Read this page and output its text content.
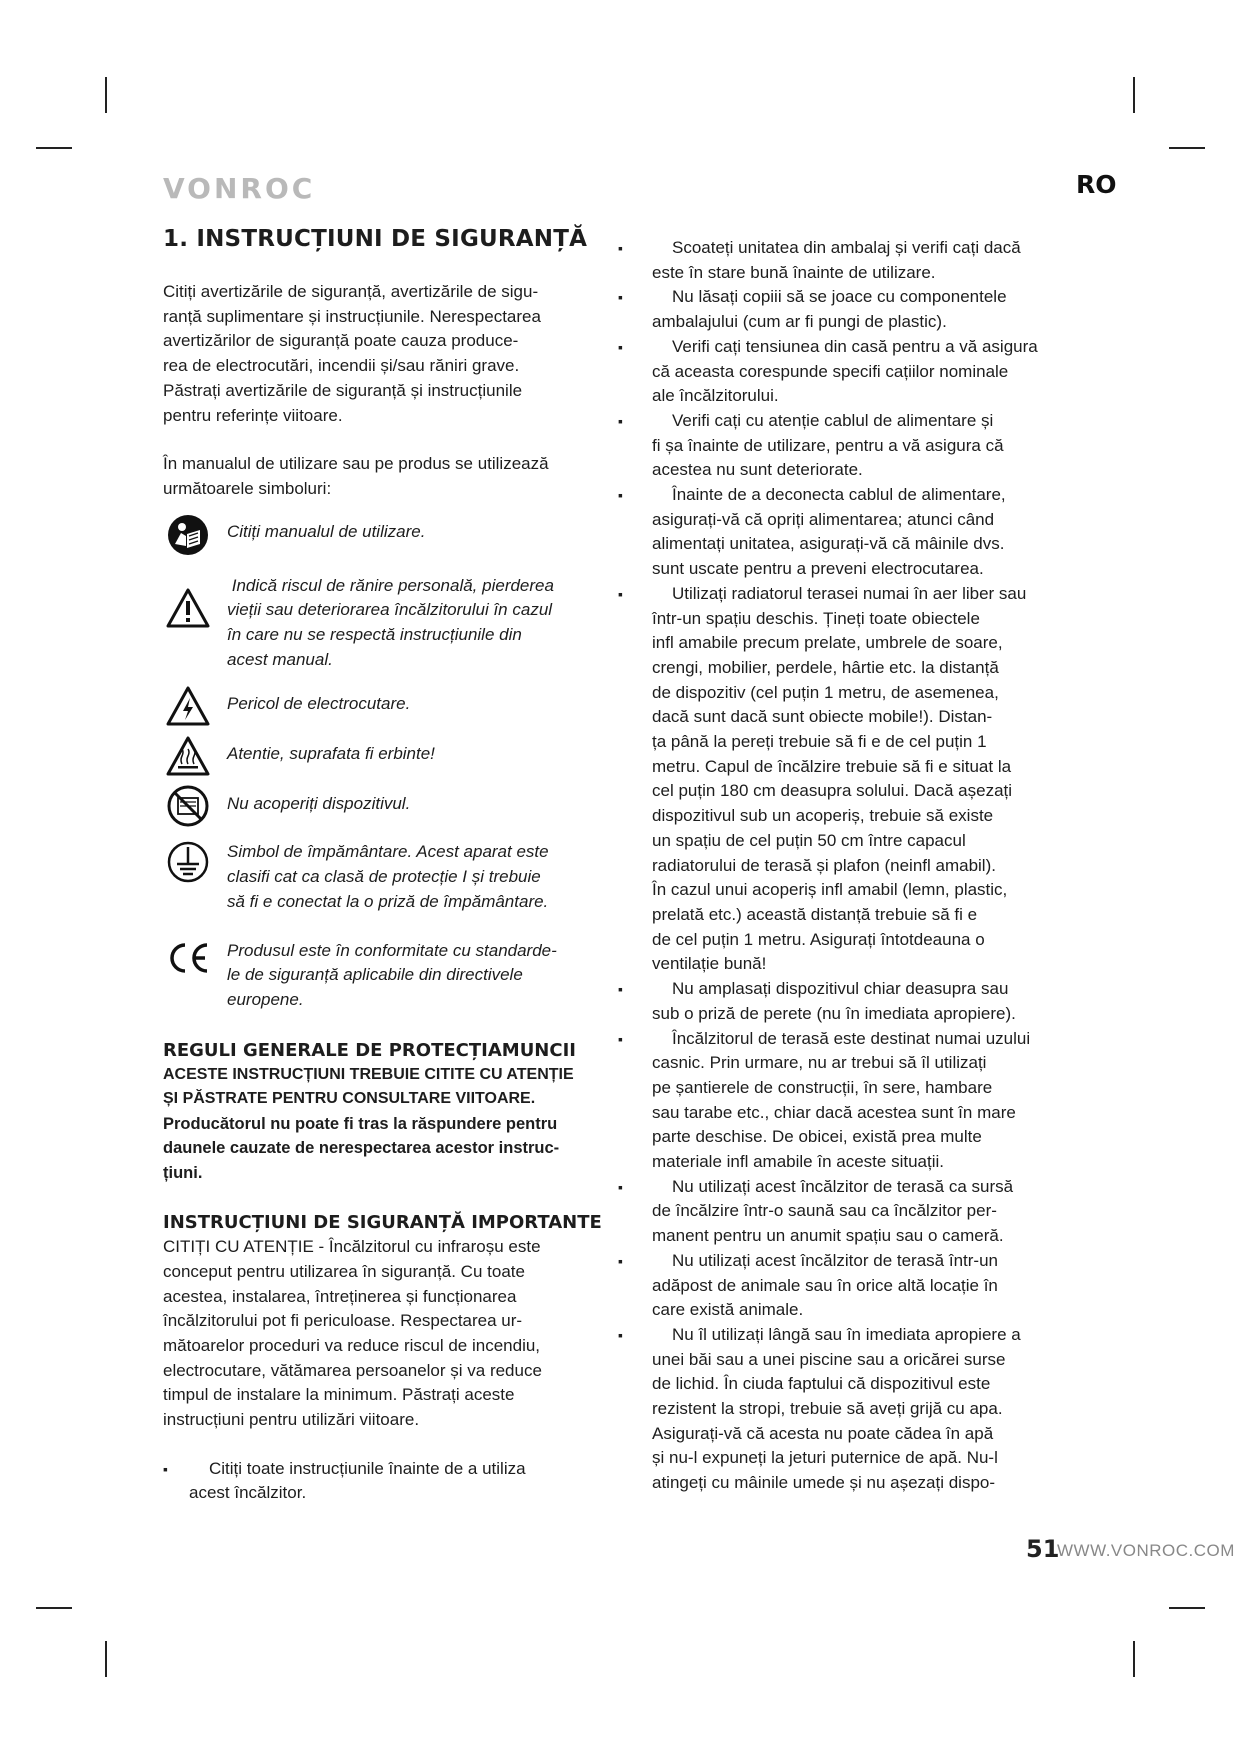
VONROC	RO
1. INSTRUCȚIUNI DE SIGURANȚĂ

Citiți avertizările de siguranță, avertizările de sigu-

ranță suplimentare și instrucțiunile. Nerespectarea

avertizărilor de siguranță poate cauza produce-

rea de electrocutări, incendii și/sau răniri grave.

Păstrați avertizările de siguranță și instrucțiunile

pentru referințe viitoare.

În manualul de utilizare sau pe produs se utilizează

următoarele simboluri:

Citiți manualul de utilizare.
Indică riscul de rănire personală, pierderea
vieții sau deteriorarea încălzitorului în cazul
în care nu se respectă instrucțiunile din
acest manual.
Pericol de electrocutare.
Atentie, suprafata fi erbinte!
Nu acoperiți dispozitivul.
Simbol de împământare. Acest aparat este
clasifi cat ca clasă de protecție I și trebuie
să fi e conectat la o priză de împământare.
Produsul este în conformitate cu standarde-
le de siguranță aplicabile din directivele
europene.
REGULI GENERALE DE PROTECȚIAMUNCII
ACESTE INSTRUCȚIUNI TREBUIE CITITE CU ATENȚIE
ȘI PĂSTRATE PENTRU CONSULTARE VIITOARE.
Producătorul nu poate fi tras la răspundere pentru
daunele cauzate de nerespectarea acestor instruc-
țiuni.
INSTRUCȚIUNI DE SIGURANȚĂ IMPORTANTE

CITIȚI CU ATENȚIE - Încălzitorul cu infraroșu este

conceput pentru utilizarea în siguranță. Cu toate

acestea, instalarea, întreținerea și funcționarea

încălzitorului pot fi periculoase. Respectarea ur-

mătoarelor proceduri va reduce riscul de incendiu,

electrocutare, vătămarea persoanelor și va reduce

timpul de instalare la minimum. Păstrați aceste

instrucțiuni pentru utilizări viitoare.

▪	Citiți toate instrucțiunile înainte de a utiliza
acest încălzitor.
▪	Scoateți unitatea din ambalaj și verifi cați dacă
este în stare bună înainte de utilizare.
▪	Nu lăsați copiii să se joace cu componentele
ambalajului (cum ar fi pungi de plastic).
▪	Verifi cați tensiunea din casă pentru a vă asigura
că aceasta corespunde specifi cațiilor nominale
ale încălzitorului.
▪	Verifi cați cu atenție cablul de alimentare și
fi șa înainte de utilizare, pentru a vă asigura că
acestea nu sunt deteriorate.
▪	Înainte de a deconecta cablul de alimentare,
asigurați-vă că opriți alimentarea; atunci când
alimentați unitatea, asigurați-vă că mâinile dvs.
sunt uscate pentru a preveni electrocutarea.
▪	Utilizați radiatorul terasei numai în aer liber sau
într-un spațiu deschis. Țineți toate obiectele
infl amabile precum prelate, umbrele de soare,
crengi, mobilier, perdele, hârtie etc. la distanță
de dispozitiv (cel puțin 1 metru, de asemenea,
dacă sunt dacă sunt obiecte mobile!). Distan-
ța până la pereți trebuie să fi e de cel puțin 1
metru. Capul de încălzire trebuie să fi e situat la
cel puțin 180 cm deasupra solului. Dacă așezați
dispozitivul sub un acoperiș, trebuie să existe
un spațiu de cel puțin 50 cm între capacul
radiatorului de terasă și plafon (neinfl amabil).
În cazul unui acoperiș infl amabil (lemn, plastic,
prelată etc.) această distanță trebuie să fi e
de cel puțin 1 metru. Asigurați întotdeauna o
ventilație bună!
▪	Nu amplasați dispozitivul chiar deasupra sau
sub o priză de perete (nu în imediata apropiere).
▪	Încălzitorul de terasă este destinat numai uzului
casnic. Prin urmare, nu ar trebui să îl utilizați
pe șantierele de construcții, în sere, hambare
sau tarabe etc., chiar dacă acestea sunt în mare
parte deschise. De obicei, există prea multe
materiale infl amabile în aceste situații.
▪	Nu utilizați acest încălzitor de terasă ca sursă
de încălzire într-o saună sau ca încălzitor per-
manent pentru un anumit spațiu sau o cameră.
▪	Nu utilizați acest încălzitor de terasă într-un
adăpost de animale sau în orice altă locație în
care există animale.
▪	Nu îl utilizați lângă sau în imediata apropiere a
unei băi sau a unei piscine sau a oricărei surse
de lichid. În ciuda faptului că dispozitivul este
rezistent la stropi, trebuie să aveți grijă cu apa.
Asigurați-vă că acesta nu poate cădea în apă
și nu-l expuneți la jeturi puternice de apă. Nu-l
atingeți cu mâinile umede și nu așezați dispo-
51
WWW.VONROC.COM
